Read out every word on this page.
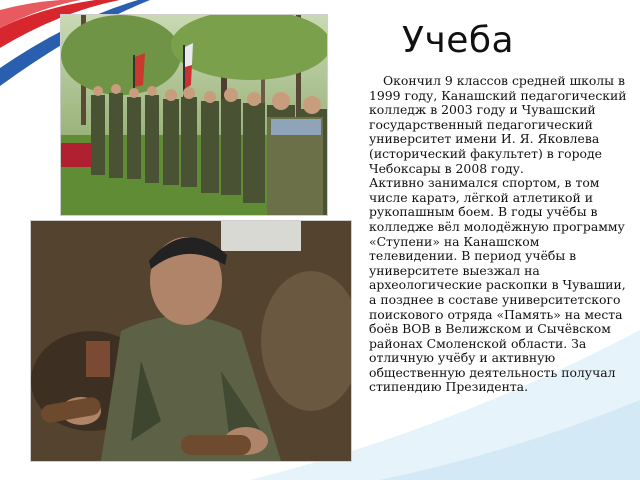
Учеба

Окончил 9 классов средней школы в 1999 году, Канашский педагогический колледж в 2003 году и Чувашский государственный педагогический университет имени И. Я. Яковлева (исторический факультет) в городе Чебоксары в 2008 году.

Активно занимался спортом, в том числе каратэ, лёгкой атлетикой и рукопашным боем. В годы учёбы в колледже вёл молодёжную программу «Ступени» на Канашском телевидении. В период учёбы в университете выезжал на археологические раскопки в Чувашии, а позднее в составе университетского поискового отряда «Память» на места боёв ВОВ в Велижском и Сычёвском районах Смоленской области. За отличную учёбу и активную общественную деятельность получал стипендию Президента.
